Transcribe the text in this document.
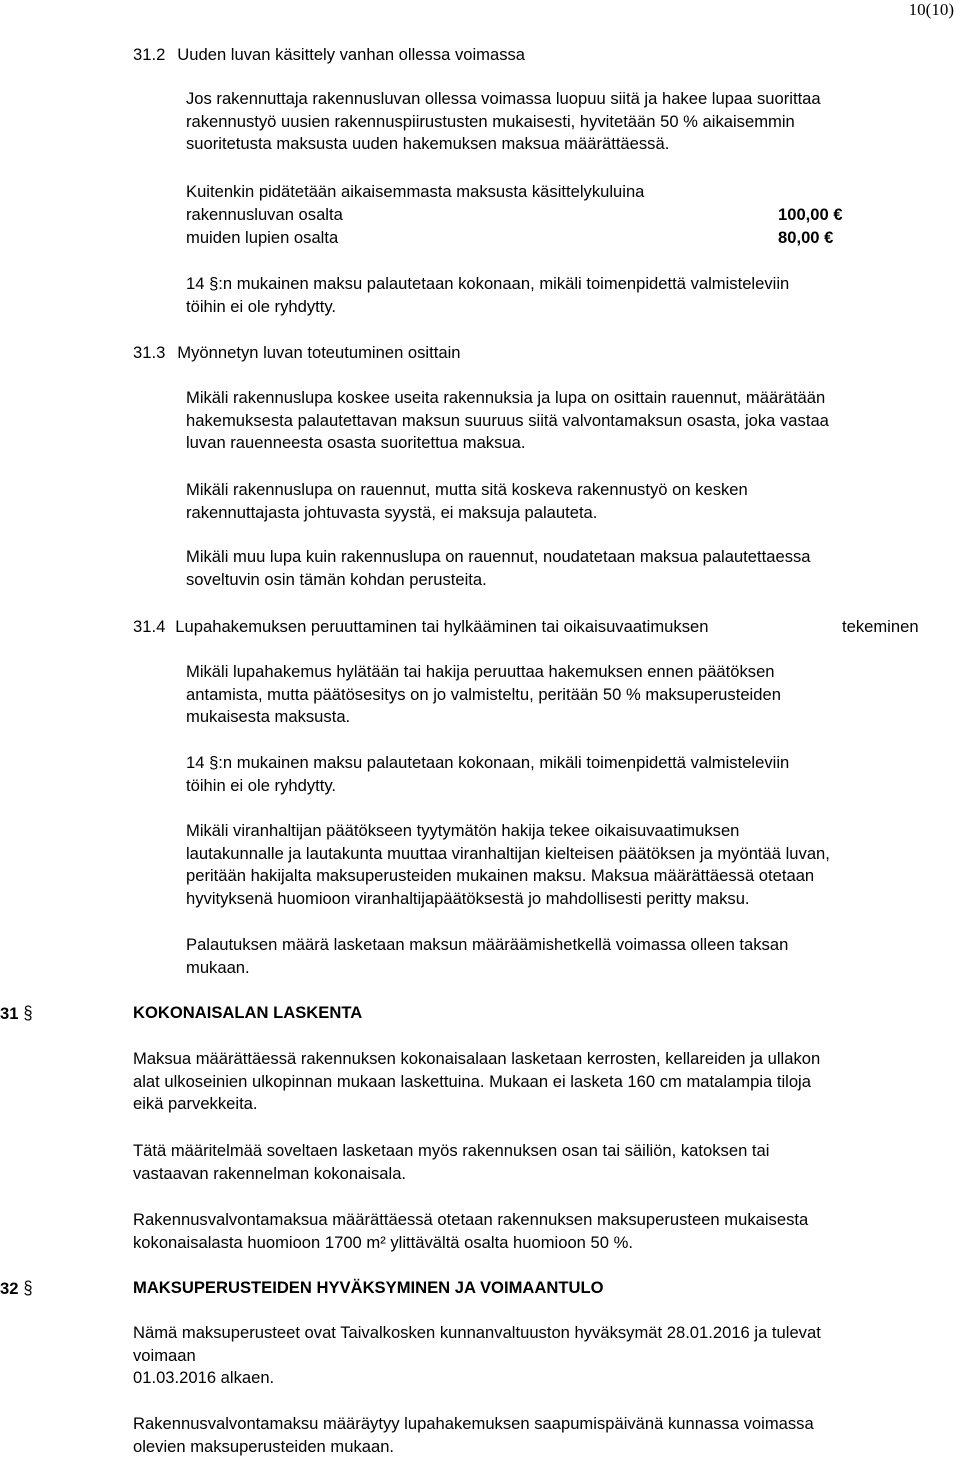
10(10)
31.2 Uuden luvan käsittely vanhan ollessa voimassa
Jos rakennuttaja rakennusluvan ollessa voimassa luopuu siitä ja hakee lupaa suorittaa
rakennustyö uusien rakennuspiirustusten mukaisesti, hyvitetään 50 % aikaisemmin
suoritetusta maksusta uuden hakemuksen maksua määrättäessä.
Kuitenkin pidätetään aikaisemmasta maksusta käsittelykuluina
rakennusluvan osalta	100,00 €
muiden lupien osalta	80,00 €
14 §:n mukainen maksu palautetaan kokonaan, mikäli toimenpidettä valmisteleviin
töihin ei ole ryhdytty.
31.3 Myönnetyn luvan toteutuminen osittain
Mikäli rakennuslupa koskee useita rakennuksia ja lupa on osittain rauennut, määrätään
hakemuksesta palautettavan maksun suuruus siitä valvontamaksun osasta, joka vastaa
luvan rauenneesta osasta suoritettua maksua.
Mikäli rakennuslupa on rauennut, mutta sitä koskeva rakennustyö on kesken
rakennuttajasta johtuvasta syystä, ei maksuja palauteta.
Mikäli muu lupa kuin rakennuslupa on rauennut, noudatetaan maksua palautettaessa
soveltuvin osin tämän kohdan perusteita.
31.4 Lupahakemuksen peruuttaminen tai hylkääminen tai oikaisuvaatimuksen	tekeminen
Mikäli lupahakemus hylätään tai hakija peruuttaa hakemuksen ennen päätöksen
antamista, mutta päätösesitys on jo valmisteltu, peritään 50 % maksuperusteiden
mukaisesta maksusta.
14 §:n mukainen maksu palautetaan kokonaan, mikäli toimenpidettä valmisteleviin
töihin ei ole ryhdytty.
Mikäli viranhaltijan päätökseen tyytymätön hakija tekee oikaisuvaatimuksen
lautakunnalle ja lautakunta muuttaa viranhaltijan kielteisen päätöksen ja myöntää luvan,
peritään hakijalta maksuperusteiden mukainen maksu. Maksua määrättäessä otetaan
hyvityksenä huomioon viranhaltijapäätöksestä jo mahdollisesti peritty maksu.
Palautuksen määrä lasketaan maksun määräämishetkellä voimassa olleen taksan
mukaan.
31 §	KOKONAISALAN LASKENTA
Maksua määrättäessä rakennuksen kokonaisalaan lasketaan kerrosten, kellareiden ja ullakon
alat ulkoseinien ulkopinnan mukaan laskettuina. Mukaan ei lasketa 160 cm matalampia tiloja
eikä parvekkeita.
Tätä määritelmää soveltaen lasketaan myös rakennuksen osan tai säiliön, katoksen tai
vastaavan rakennelman kokonaisala.
Rakennusvalvontamaksua määrättäessä otetaan rakennuksen maksuperusteen mukaisesta
kokonaisalasta huomioon 1700 m² ylittävältä osalta huomioon 50 %.
32 §	MAKSUPERUSTEIDEN HYVÄKSYMINEN JA VOIMAANTULO
Nämä maksuperusteet ovat Taivalkosken kunnanvaltuuston hyväksymät 28.01.2016 ja tulevat
voimaan
01.03.2016 alkaen.
Rakennusvalvontamaksu määräytyy lupahakemuksen saapumispäivänä kunnassa voimassa
olevien maksuperusteiden mukaan.
